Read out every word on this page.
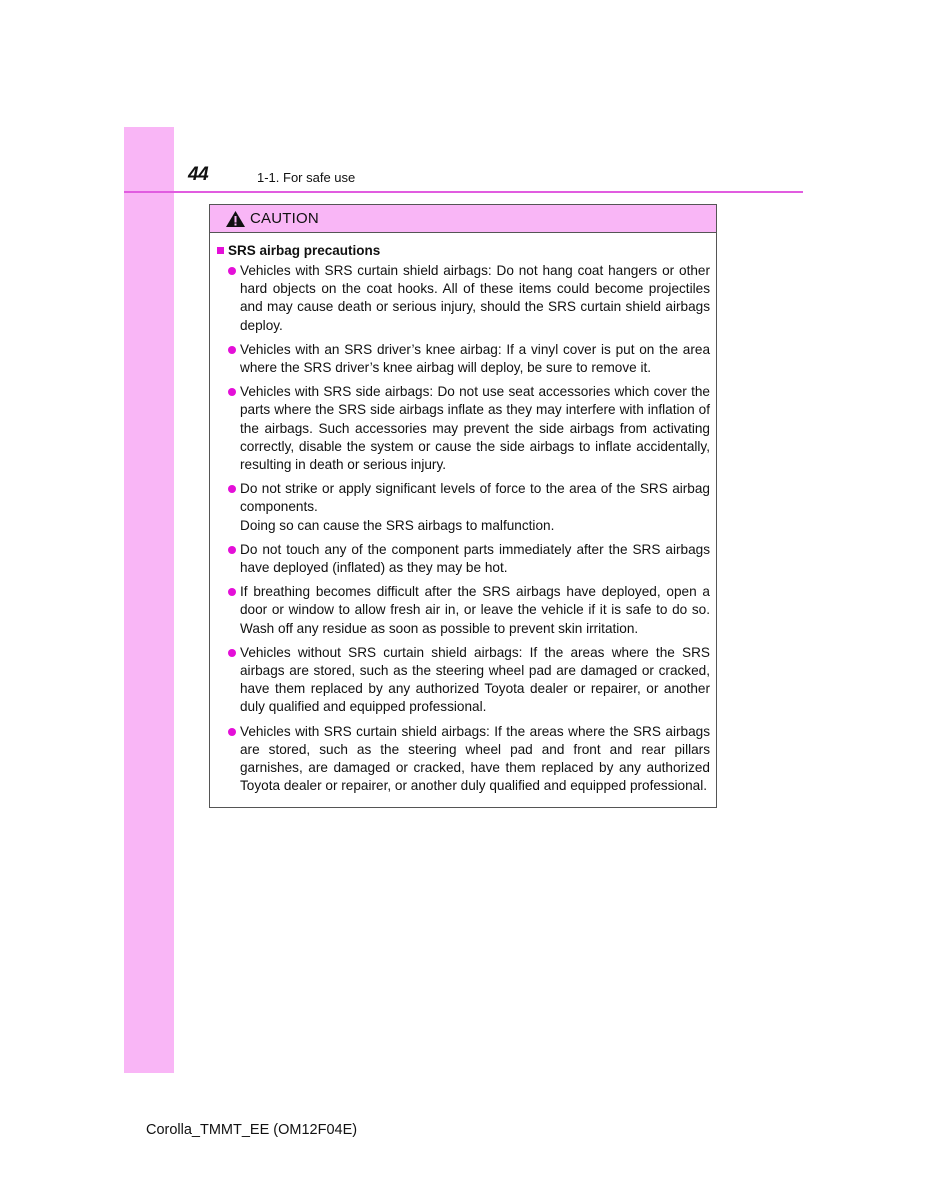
44	1-1. For safe use
CAUTION
SRS airbag precautions
Vehicles with SRS curtain shield airbags: Do not hang coat hangers or other hard objects on the coat hooks. All of these items could become projectiles and may cause death or serious injury, should the SRS curtain shield airbags deploy.
Vehicles with an SRS driver’s knee airbag: If a vinyl cover is put on the area where the SRS driver’s knee airbag will deploy, be sure to remove it.
Vehicles with SRS side airbags: Do not use seat accessories which cover the parts where the SRS side airbags inflate as they may interfere with inflation of the airbags. Such accessories may prevent the side airbags from activating correctly, disable the system or cause the side airbags to inflate accidentally, resulting in death or serious injury.
Do not strike or apply significant levels of force to the area of the SRS airbag components.
Doing so can cause the SRS airbags to malfunction.
Do not touch any of the component parts immediately after the SRS airbags have deployed (inflated) as they may be hot.
If breathing becomes difficult after the SRS airbags have deployed, open a door or window to allow fresh air in, or leave the vehicle if it is safe to do so. Wash off any residue as soon as possible to prevent skin irritation.
Vehicles without SRS curtain shield airbags: If the areas where the SRS airbags are stored, such as the steering wheel pad are damaged or cracked, have them replaced by any authorized Toyota dealer or repairer, or another duly qualified and equipped professional.
Vehicles with SRS curtain shield airbags: If the areas where the SRS airbags are stored, such as the steering wheel pad and front and rear pillars garnishes, are damaged or cracked, have them replaced by any authorized Toyota dealer or repairer, or another duly qualified and equipped professional.
Corolla_TMMT_EE (OM12F04E)
